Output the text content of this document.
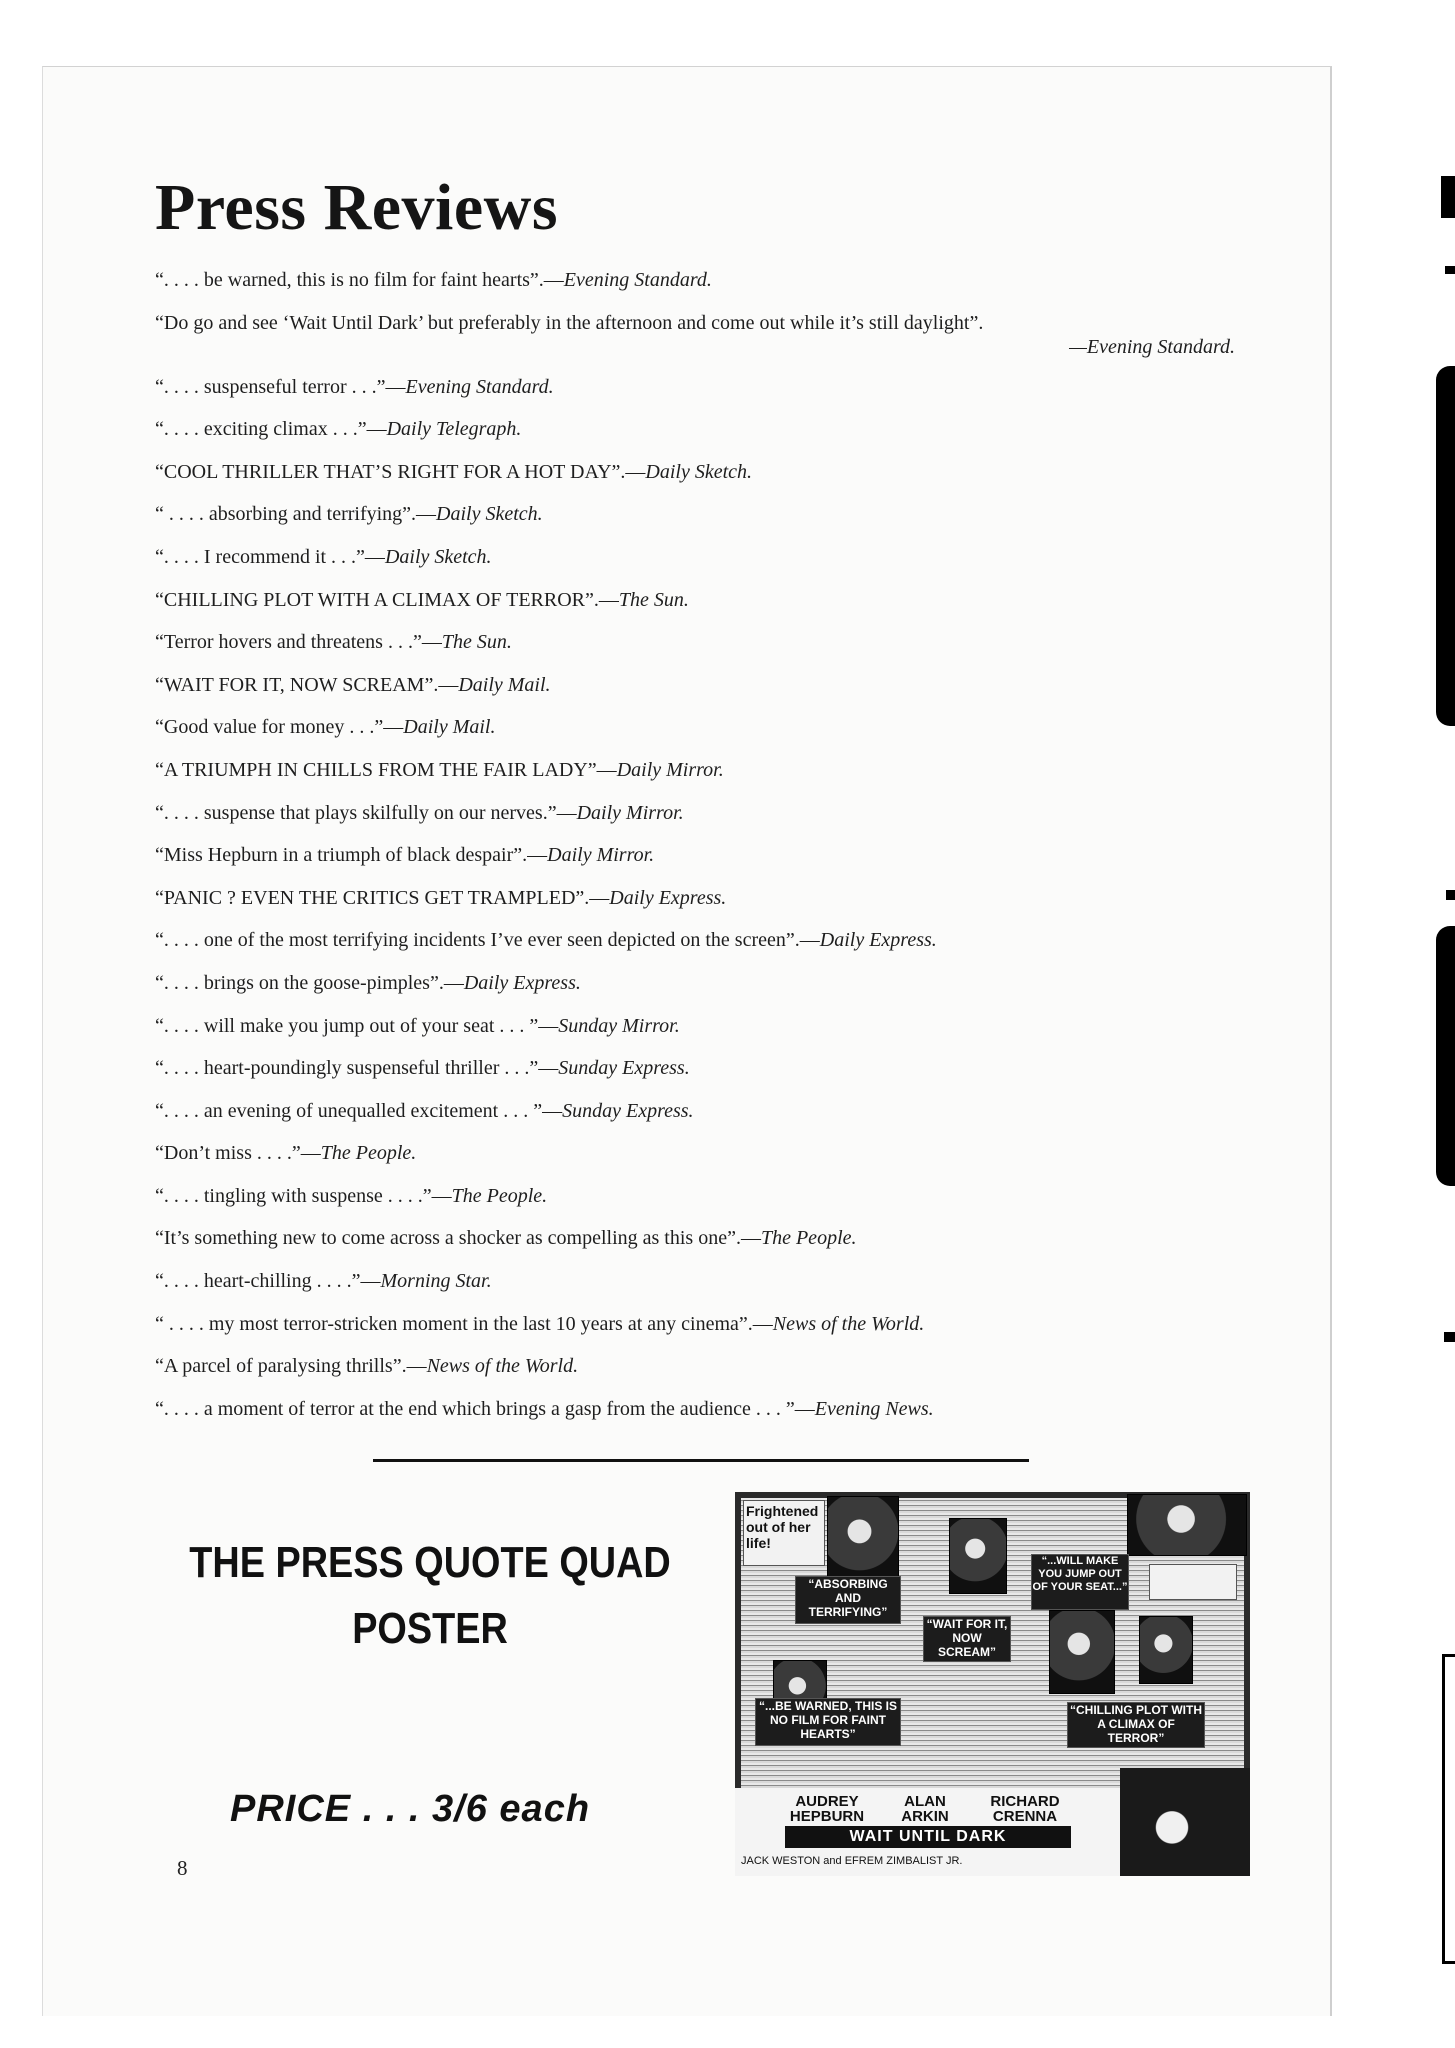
Press Reviews
“. . . . be warned, this is no film for faint hearts”.—Evening Standard.
“Do go and see ‘Wait Until Dark’ but preferably in the afternoon and come out while it’s still daylight”.
—Evening Standard.
“. . . . suspenseful terror . . .”—Evening Standard.
“. . . . exciting climax . . .”—Daily Telegraph.
“COOL THRILLER THAT’S RIGHT FOR A HOT DAY”.—Daily Sketch.
“ . . . . absorbing and terrifying”.—Daily Sketch.
“. . . . I recommend it . . .”—Daily Sketch.
“CHILLING PLOT WITH A CLIMAX OF TERROR”.—The Sun.
“Terror hovers and threatens . . .”—The Sun.
“WAIT FOR IT, NOW SCREAM”.—Daily Mail.
“Good value for money . . .”—Daily Mail.
“A TRIUMPH IN CHILLS FROM THE FAIR LADY”—Daily Mirror.
“. . . . suspense that plays skilfully on our nerves.”—Daily Mirror.
“Miss Hepburn in a triumph of black despair”.—Daily Mirror.
“PANIC ? EVEN THE CRITICS GET TRAMPLED”.—Daily Express.
“. . . . one of the most terrifying incidents I’ve ever seen depicted on the screen”.—Daily Express.
“. . . . brings on the goose-pimples”.—Daily Express.
“. . . . will make you jump out of your seat . . . ”—Sunday Mirror.
“. . . . heart-poundingly suspenseful thriller . . .”—Sunday Express.
“. . . . an evening of unequalled excitement . . . ”—Sunday Express.
“Don’t miss . . . .”—The People.
“. . . . tingling with suspense . . . .”—The People.
“It’s something new to come across a shocker as compelling as this one”.—The People.
“. . . . heart-chilling . . . .”—Morning Star.
“ . . . . my most terror-stricken moment in the last 10 years at any cinema”.—News of the World.
“A parcel of paralysing thrills”.—News of the World.
“. . . . a moment of terror at the end which brings a gasp from the audience . . . ”—Evening News.
THE PRESS QUOTE QUAD
POSTER
PRICE . . . 3/6 each
8
Frightened out of her life!
“ABSORBING AND TERRIFYING”
“...WILL MAKE YOU JUMP OUT OF YOUR SEAT...”
“WAIT FOR IT, NOW SCREAM”
“...BE WARNED, THIS IS NO FILM FOR FAINT HEARTS”
“CHILLING PLOT WITH A CLIMAX OF TERROR”
AUDREY HEPBURN
ALAN ARKIN
RICHARD CRENNA
WAIT UNTIL DARK
JACK WESTON and EFREM ZIMBALIST JR.
